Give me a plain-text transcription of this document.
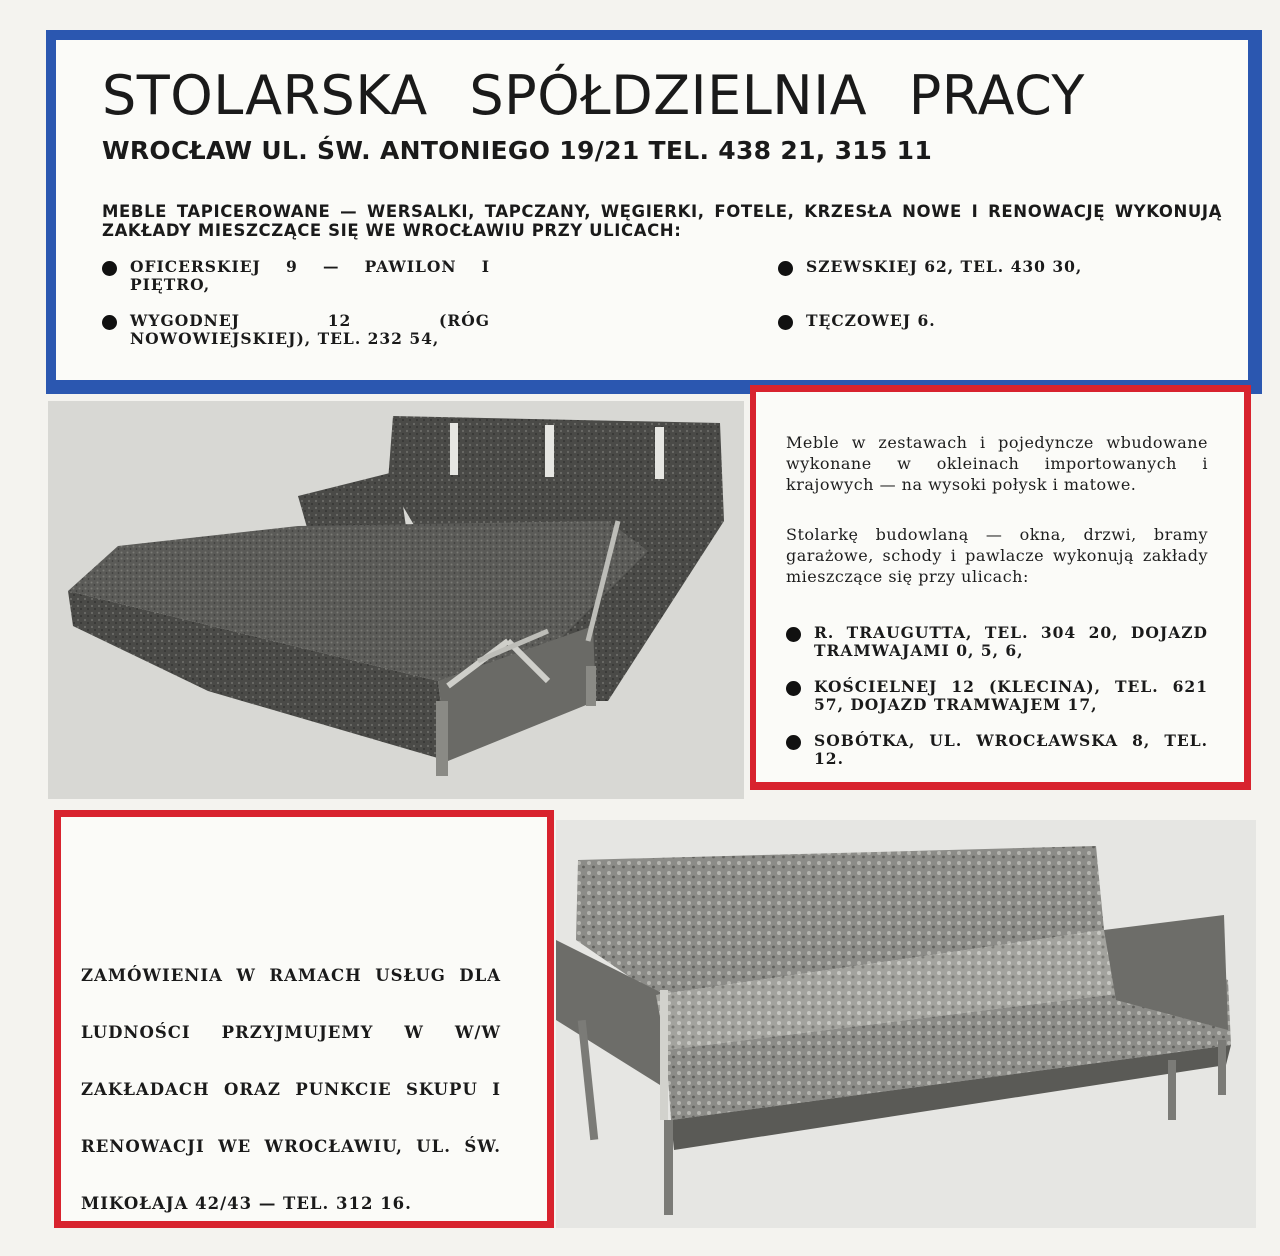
STOLARSKA SPÓŁDZIELNIA PRACY
WROCŁAW UL. ŚW. ANTONIEGO 19/21 TEL. 438 21, 315 11
MEBLE TAPICEROWANE — WERSALKI, TAPCZANY, WĘGIERKI, FOTELE, KRZESŁA NOWE I RENOWACJĘ WYKONUJĄ ZAKŁADY MIESZCZĄCE SIĘ WE WROCŁAWIU PRZY ULICACH:
OFICERSKIEJ 9 — PAWILON I PIĘTRO,
WYGODNEJ 12 (RÓG NOWOWIEJSKIEJ), TEL. 232 54,
SZEWSKIEJ 62, TEL. 430 30,
TĘCZOWEJ 6.
Meble w zestawach i pojedyncze wbudowane wykonane w okleinach importowanych i krajowych — na wysoki połysk i matowe.
Stolarkę budowlaną — okna, drzwi, bramy garażowe, schody i pawlacze wykonują zakłady mieszczące się przy ulicach:
R. TRAUGUTTA, TEL. 304 20, DOJAZD TRAMWAJAMI 0, 5, 6,
KOŚCIELNEJ 12 (KLECINA), TEL. 621 57, DOJAZD TRAMWAJEM 17,
SOBÓTKA, UL. WROCŁAWSKA 8, TEL. 12.
ZAMÓWIENIA W RAMACH USŁUG DLA LUDNOŚCI PRZYJMUJEMY W W/W ZAKŁADACH ORAZ PUNKCIE SKUPU I RENOWACJI WE WROCŁAWIU, UL. ŚW. MIKOŁAJA 42/43 — TEL. 312 16.
